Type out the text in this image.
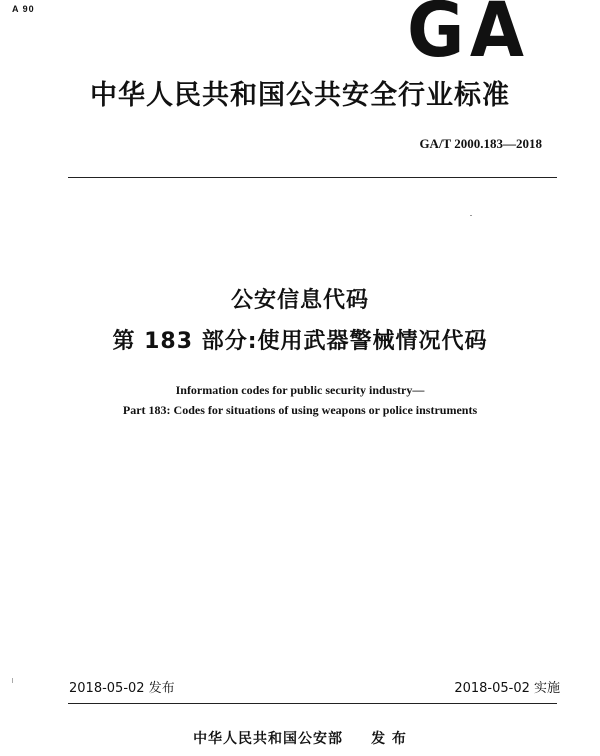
A 90	GA
中华人民共和国公共安全行业标准
GA/T 2000.183—2018
公安信息代码
第 183 部分:使用武器警械情况代码
Information codes for public security industry—
Part 183: Codes for situations of using weapons or police instruments
2018-05-02 发布	2018-05-02 实施
中华人民共和国公安部 发 布
